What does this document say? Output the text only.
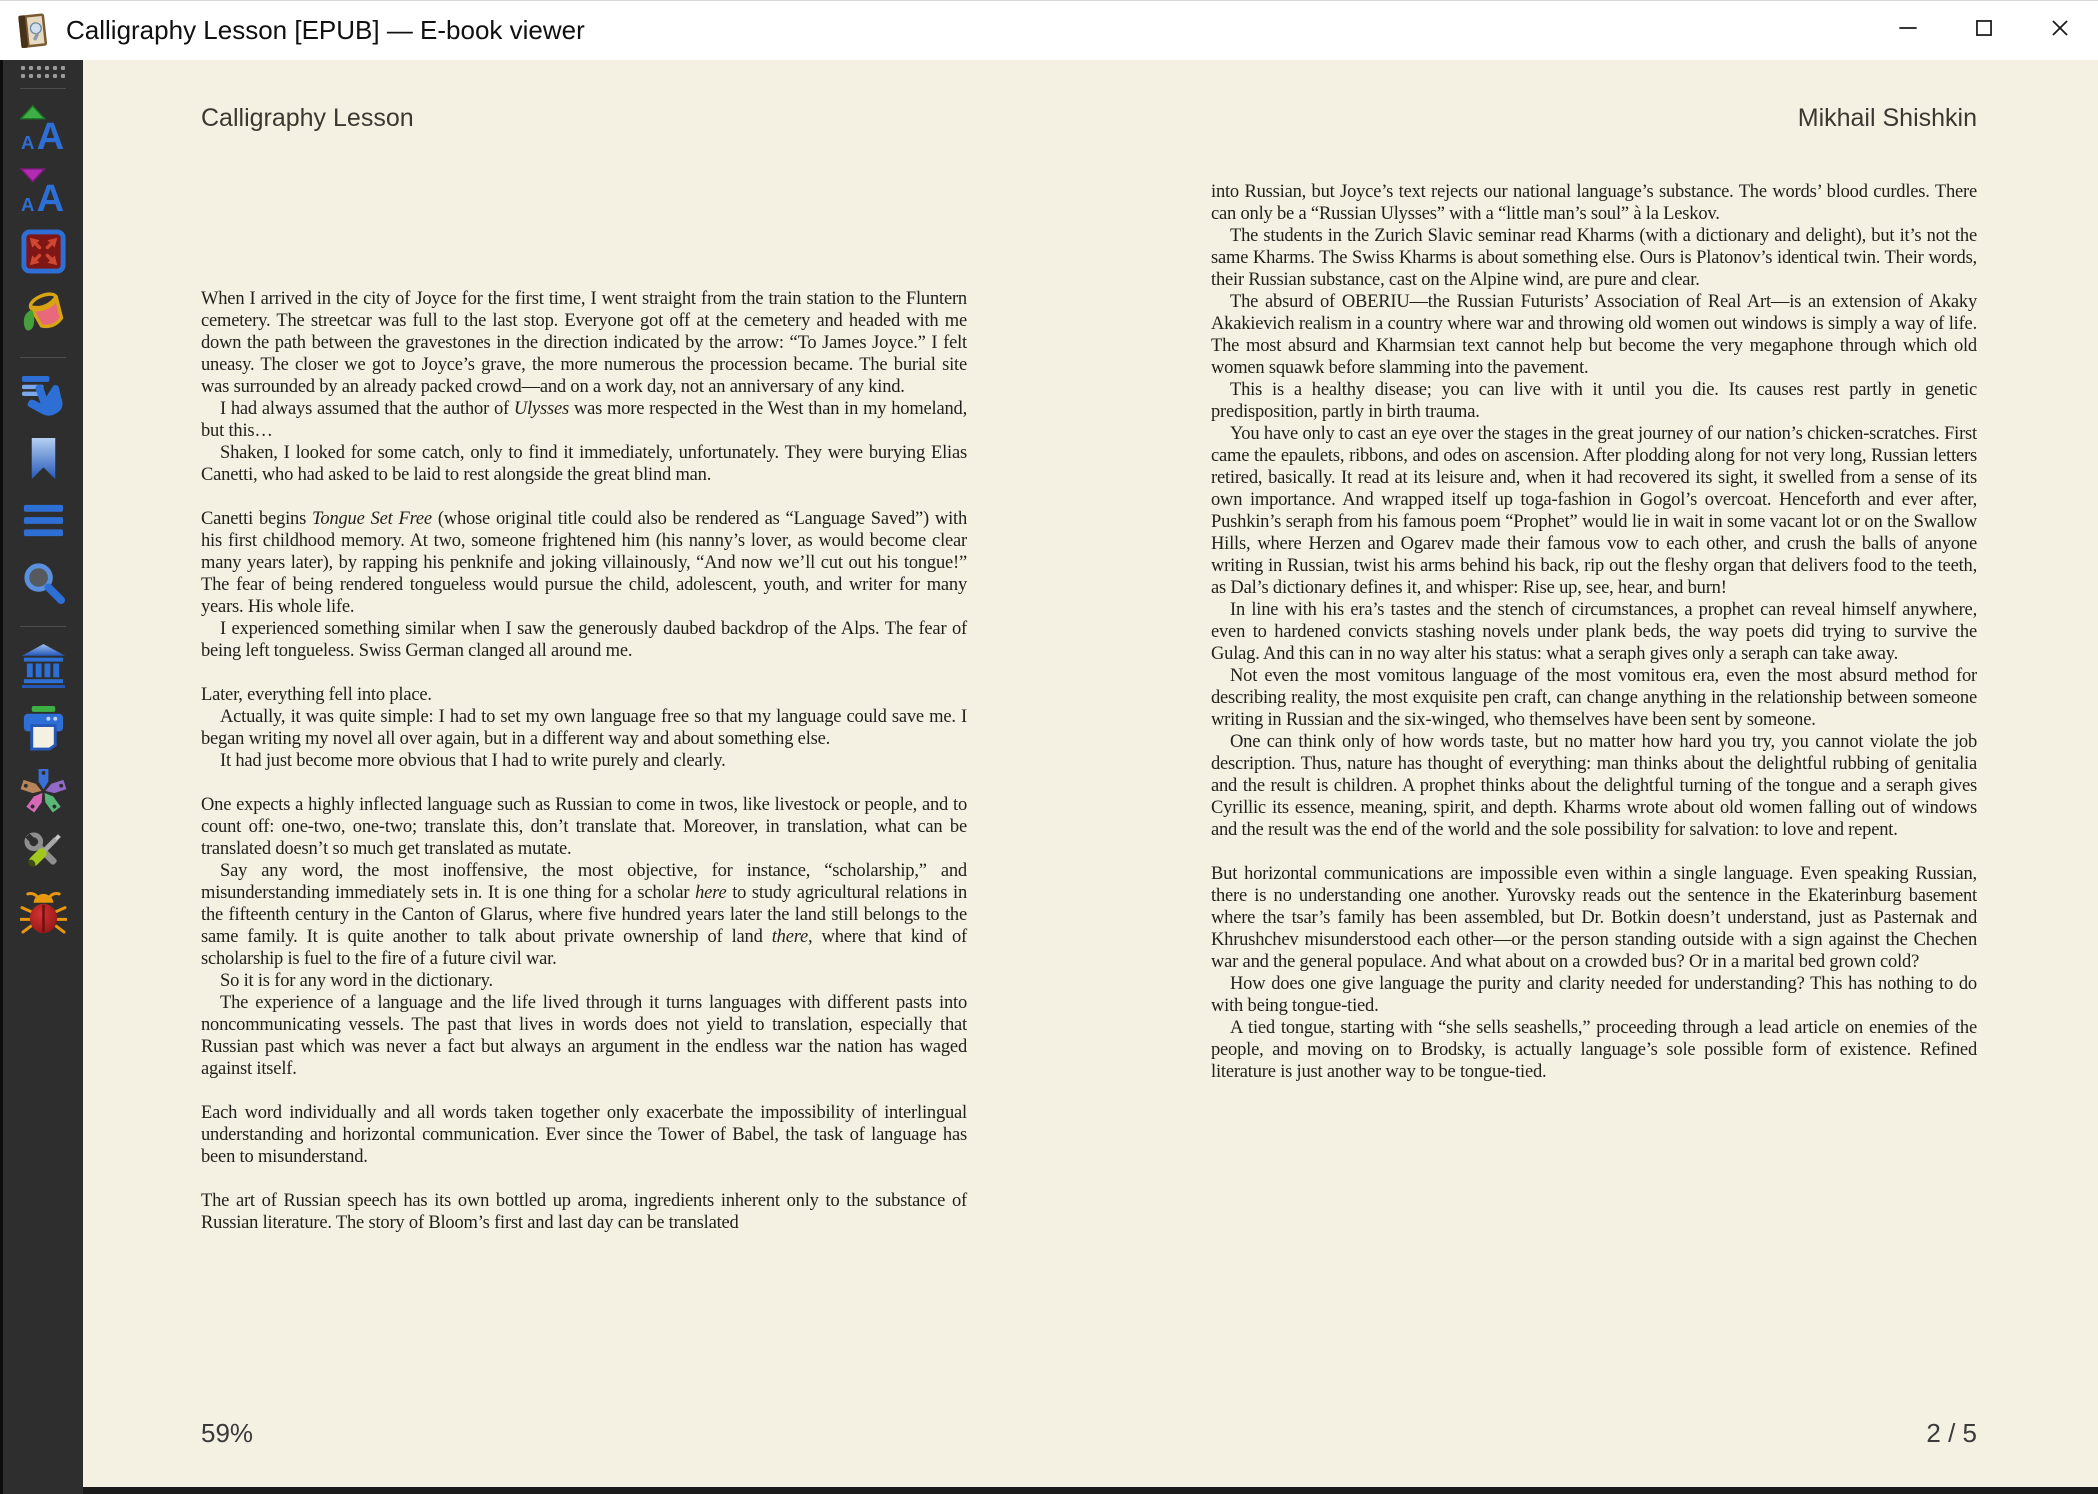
Calligraphy Lesson [EPUB] — E-book viewer
A A
A A
Calligraphy Lesson	Mikhail Shishkin

When I arrived in the city of Joyce for the first time, I went straight from the train station to the Fluntern cemetery. The streetcar was full to the last stop. Everyone got off at the cemetery and headed with me down the path between the gravestones in the direction indicated by the arrow: “To James Joyce.” I felt uneasy. The closer we got to Joyce’s grave, the more numerous the procession became. The burial site was surrounded by an already packed crowd—and on a work day, not an anniversary of any kind.

I had always assumed that the author of Ulysses was more respected in the West than in my homeland, but this…

Shaken, I looked for some catch, only to find it immediately, unfortunately. They were burying Elias Canetti, who had asked to be laid to rest alongside the great blind man.

Canetti begins Tongue Set Free (whose original title could also be rendered as “Language Saved”) with his first childhood memory. At two, someone frightened him (his nanny’s lover, as would become clear many years later), by rapping his penknife and joking villainously, “And now we’ll cut out his tongue!” The fear of being rendered tongueless would pursue the child, adolescent, youth, and writer for many years. His whole life.

I experienced something similar when I saw the generously daubed backdrop of the Alps. The fear of being left tongueless. Swiss German clanged all around me.

Later, everything fell into place.

Actually, it was quite simple: I had to set my own language free so that my language could save me. I began writing my novel all over again, but in a different way and about something else.

It had just become more obvious that I had to write purely and clearly.

One expects a highly inflected language such as Russian to come in twos, like livestock or people, and to count off: one-two, one-two; translate this, don’t translate that. Moreover, in translation, what can be translated doesn’t so much get translated as mutate.

Say any word, the most inoffensive, the most objective, for instance, “scholarship,” and misunderstanding immediately sets in. It is one thing for a scholar here to study agricultural relations in the fifteenth century in the Canton of Glarus, where five hundred years later the land still belongs to the same family. It is quite another to talk about private ownership of land there, where that kind of scholarship is fuel to the fire of a future civil war.

So it is for any word in the dictionary.

The experience of a language and the life lived through it turns languages with different pasts into noncommunicating vessels. The past that lives in words does not yield to translation, especially that Russian past which was never a fact but always an argument in the endless war the nation has waged against itself.

Each word individually and all words taken together only exacerbate the impossibility of interlingual understanding and horizontal communication. Ever since the Tower of Babel, the task of language has been to misunderstand.

The art of Russian speech has its own bottled up aroma, ingredients inherent only to the substance of Russian literature. The story of Bloom’s first and last day can be translated

into Russian, but Joyce’s text rejects our national language’s substance. The words’ blood curdles. There can only be a “Russian Ulysses” with a “little man’s soul” à la Leskov.

The students in the Zurich Slavic seminar read Kharms (with a dictionary and delight), but it’s not the same Kharms. The Swiss Kharms is about something else. Ours is Platonov’s identical twin. Their words, their Russian substance, cast on the Alpine wind, are pure and clear.

The absurd of OBERIU—the Russian Futurists’ Association of Real Art—is an extension of Akaky Akakievich realism in a country where war and throwing old women out windows is simply a way of life. The most absurd and Kharmsian text cannot help but become the very megaphone through which old women squawk before slamming into the pavement.

This is a healthy disease; you can live with it until you die. Its causes rest partly in genetic predisposition, partly in birth trauma.

You have only to cast an eye over the stages in the great journey of our nation’s chicken-scratches. First came the epaulets, ribbons, and odes on ascension. After plodding along for not very long, Russian letters retired, basically. It read at its leisure and, when it had recovered its sight, it swelled from a sense of its own importance. And wrapped itself up toga-fashion in Gogol’s overcoat. Henceforth and ever after, Pushkin’s seraph from his famous poem “Prophet” would lie in wait in some vacant lot or on the Swallow Hills, where Herzen and Ogarev made their famous vow to each other, and crush the balls of anyone writing in Russian, twist his arms behind his back, rip out the fleshy organ that delivers food to the teeth, as Dal’s dictionary defines it, and whisper: Rise up, see, hear, and burn!

In line with his era’s tastes and the stench of circumstances, a prophet can reveal himself anywhere, even to hardened convicts stashing novels under plank beds, the way poets did trying to survive the Gulag. And this can in no way alter his status: what a seraph gives only a seraph can take away.

Not even the most vomitous language of the most vomitous era, even the most absurd method for describing reality, the most exquisite pen craft, can change anything in the relationship between someone writing in Russian and the six-winged, who themselves have been sent by someone.

One can think only of how words taste, but no matter how hard you try, you cannot violate the job description. Thus, nature has thought of everything: man thinks about the delightful rubbing of genitalia and the result is children. A prophet thinks about the delightful turning of the tongue and a seraph gives Cyrillic its essence, meaning, spirit, and depth. Kharms wrote about old women falling out of windows and the result was the end of the world and the sole possibility for salvation: to love and repent.

But horizontal communications are impossible even within a single language. Even speaking Russian, there is no understanding one another. Yurovsky reads out the sentence in the Ekaterinburg basement where the tsar’s family has been assembled, but Dr. Botkin doesn’t understand, just as Pasternak and Khrushchev misunderstood each other—or the person standing outside with a sign against the Chechen war and the general populace. And what about on a crowded bus? Or in a marital bed grown cold?

How does one give language the purity and clarity needed for understanding? This has nothing to do with being tongue-tied.

A tied tongue, starting with “she sells seashells,” proceeding through a lead article on enemies of the people, and moving on to Brodsky, is actually language’s sole possible form of existence. Refined literature is just another way to be tongue-tied.

59%	2 / 5
